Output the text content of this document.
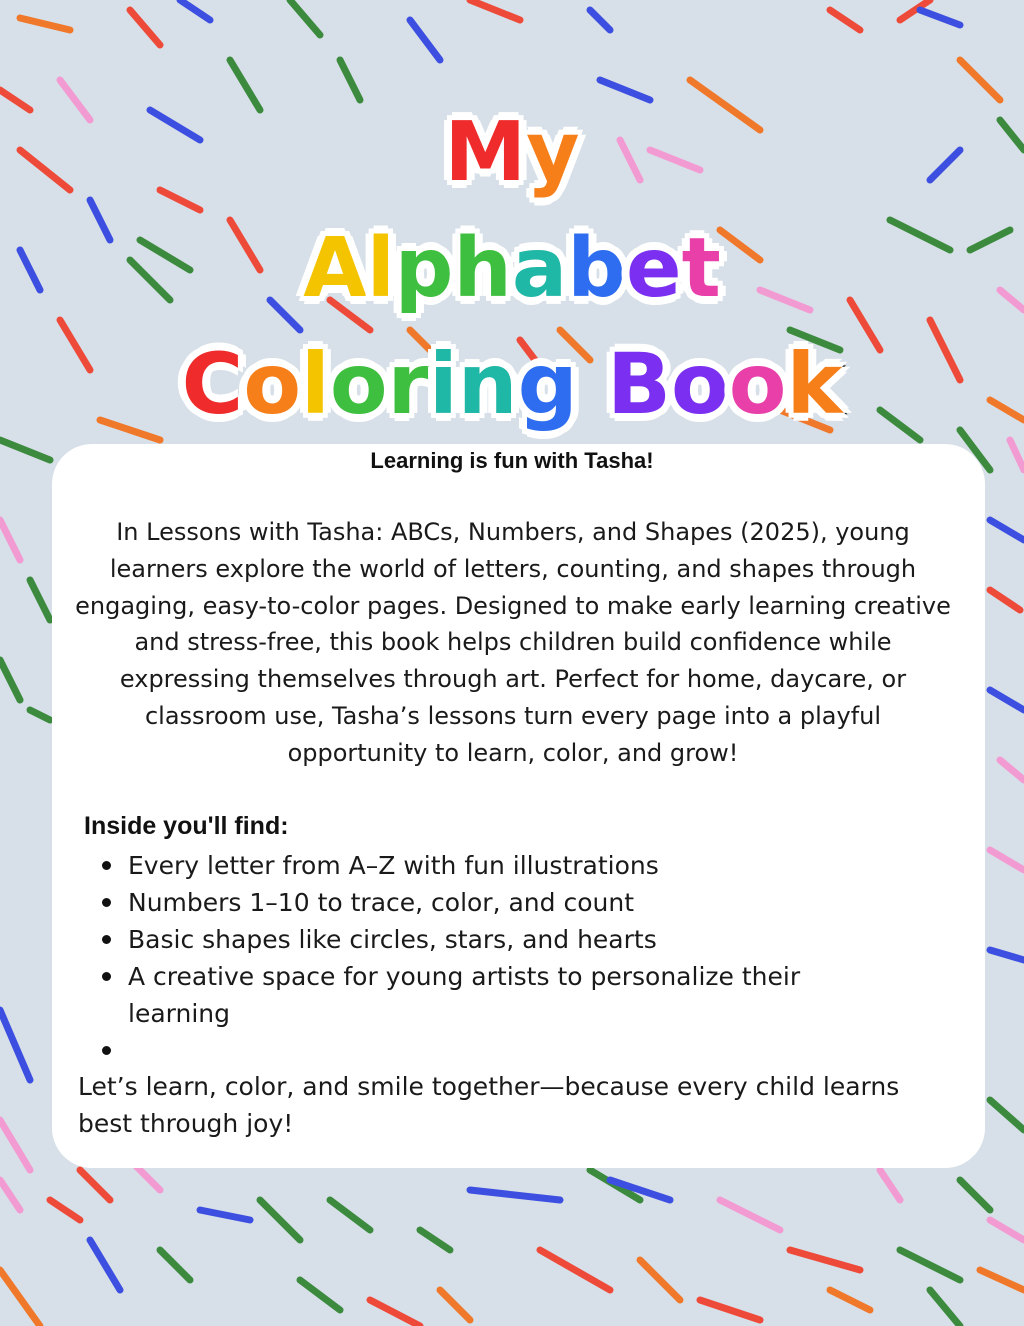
My
Alphabet
Coloring Book

Learning is fun with Tasha!

In Lessons with Tasha: ABCs, Numbers, and Shapes (2025), young learners explore the world of letters, counting, and shapes through engaging, easy-to-color pages. Designed to make early learning creative and stress-free, this book helps children build confidence while expressing themselves through art. Perfect for home, daycare, or classroom use, Tasha’s lessons turn every page into a playful opportunity to learn, color, and grow!

Inside you'll find:

Every letter from A–Z with fun illustrations
Numbers 1–10 to trace, color, and count
Basic shapes like circles, stars, and hearts
A creative space for young artists to personalize their learning

Let’s learn, color, and smile together—because every child learns best through joy!
